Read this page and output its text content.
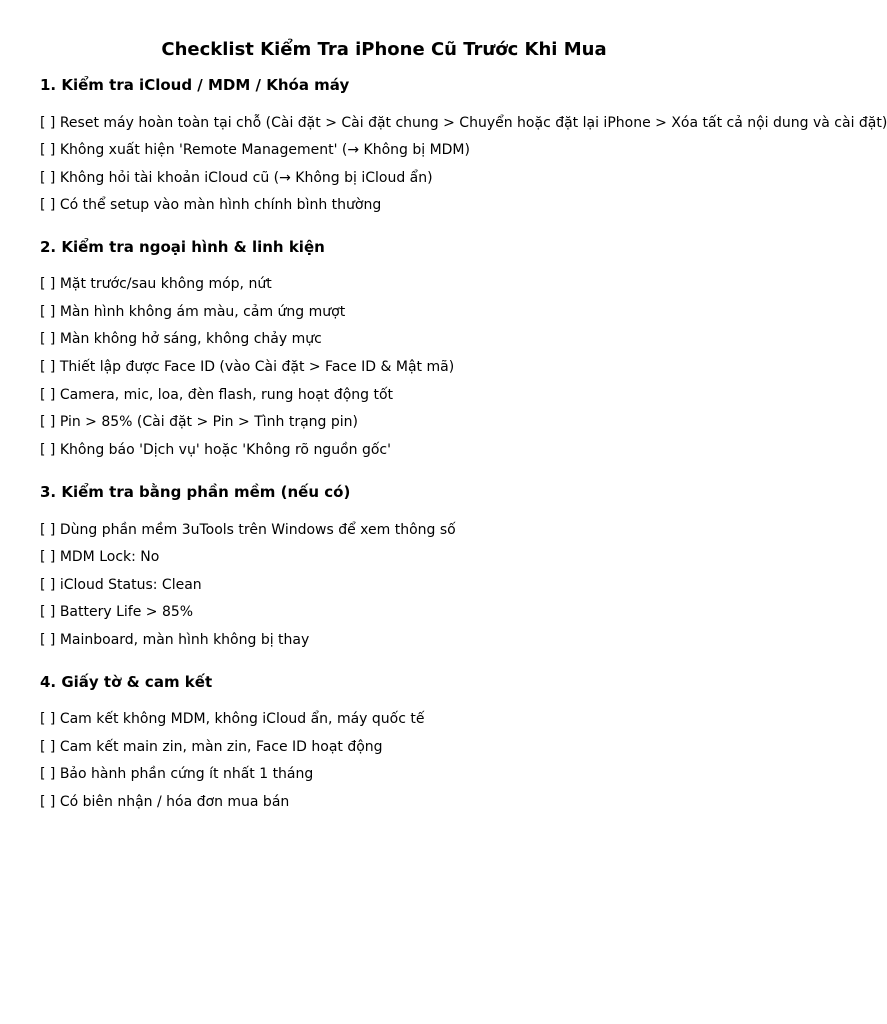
Checklist Kiểm Tra iPhone Cũ Trước Khi Mua
1. Kiểm tra iCloud / MDM / Khóa máy
[ ] Reset máy hoàn toàn tại chỗ (Cài đặt > Cài đặt chung > Chuyển hoặc đặt lại iPhone > Xóa tất cả nội dung và cài đặt)
[ ] Không xuất hiện 'Remote Management' (→ Không bị MDM)
[ ] Không hỏi tài khoản iCloud cũ (→ Không bị iCloud ẩn)
[ ] Có thể setup vào màn hình chính bình thường
2. Kiểm tra ngoại hình & linh kiện
[ ] Mặt trước/sau không móp, nứt
[ ] Màn hình không ám màu, cảm ứng mượt
[ ] Màn không hở sáng, không chảy mực
[ ] Thiết lập được Face ID (vào Cài đặt > Face ID & Mật mã)
[ ] Camera, mic, loa, đèn flash, rung hoạt động tốt
[ ] Pin > 85% (Cài đặt > Pin > Tình trạng pin)
[ ] Không báo 'Dịch vụ' hoặc 'Không rõ nguồn gốc'
3. Kiểm tra bằng phần mềm (nếu có)
[ ] Dùng phần mềm 3uTools trên Windows để xem thông số
[ ] MDM Lock: No
[ ] iCloud Status: Clean
[ ] Battery Life > 85%
[ ] Mainboard, màn hình không bị thay
4. Giấy tờ & cam kết
[ ] Cam kết không MDM, không iCloud ẩn, máy quốc tế
[ ] Cam kết main zin, màn zin, Face ID hoạt động
[ ] Bảo hành phần cứng ít nhất 1 tháng
[ ] Có biên nhận / hóa đơn mua bán
